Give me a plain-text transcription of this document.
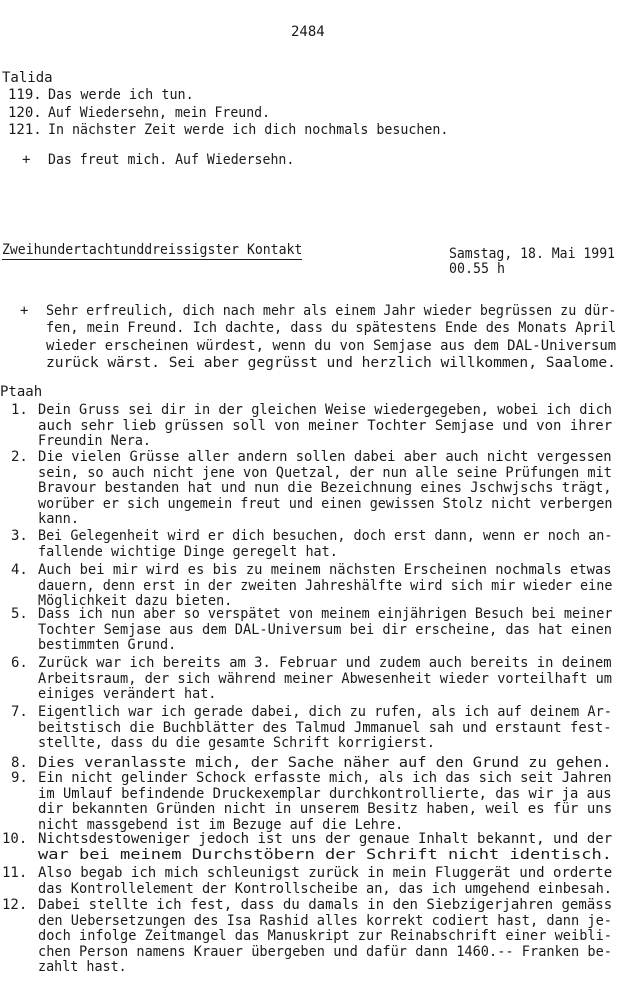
2484
Talida
119. Das werde ich tun.
120. Auf Wiedersehn, mein Freund.
121. In nächster Zeit werde ich dich nochmals besuchen.
+ Das freut mich. Auf Wiedersehn.
Zweihundertachtunddreissigster Kontakt	Samstag, 18. Mai 1991
00.55 h
+ Sehr erfreulich, dich nach mehr als einem Jahr wieder begrüssen zu dür-
fen, mein Freund. Ich dachte, dass du spätestens Ende des Monats April
wieder erscheinen würdest, wenn du von Semjase aus dem DAL-Universum
zurück wärst. Sei aber gegrüsst und herzlich willkommen, Saalome.
Ptaah
1. Dein Gruss sei dir in der gleichen Weise wiedergegeben, wobei ich dich
auch sehr lieb grüssen soll von meiner Tochter Semjase und von ihrer
Freundin Nera.
2. Die vielen Grüsse aller andern sollen dabei aber auch nicht vergessen
sein, so auch nicht jene von Quetzal, der nun alle seine Prüfungen mit
Bravour bestanden hat und nun die Bezeichnung eines Jschwjschs trägt,
worüber er sich ungemein freut und einen gewissen Stolz nicht verbergen
kann.
3. Bei Gelegenheit wird er dich besuchen, doch erst dann, wenn er noch an-
fallende wichtige Dinge geregelt hat.
4. Auch bei mir wird es bis zu meinem nächsten Erscheinen nochmals etwas
dauern, denn erst in der zweiten Jahreshälfte wird sich mir wieder eine
Möglichkeit dazu bieten.
5. Dass ich nun aber so verspätet von meinem einjährigen Besuch bei meiner
Tochter Semjase aus dem DAL-Universum bei dir erscheine, das hat einen
bestimmten Grund.
6. Zurück war ich bereits am 3. Februar und zudem auch bereits in deinem
Arbeitsraum, der sich während meiner Abwesenheit wieder vorteilhaft um
einiges verändert hat.
7. Eigentlich war ich gerade dabei, dich zu rufen, als ich auf deinem Ar-
beitstisch die Buchblätter des Talmud Jmmanuel sah und erstaunt fest-
stellte, dass du die gesamte Schrift korrigierst.
8. Dies veranlasste mich, der Sache näher auf den Grund zu gehen.
9. Ein nicht gelinder Schock erfasste mich, als ich das sich seit Jahren
im Umlauf befindende Druckexemplar durchkontrollierte, das wir ja aus
dir bekannten Gründen nicht in unserem Besitz haben, weil es für uns
nicht massgebend ist im Bezuge auf die Lehre.
10. Nichtsdestoweniger jedoch ist uns der genaue Inhalt bekannt, und der
war bei meinem Durchstöbern der Schrift nicht identisch.
11. Also begab ich mich schleunigst zurück in mein Fluggerät und orderte
das Kontrollelement der Kontrollscheibe an, das ich umgehend einbesah.
12. Dabei stellte ich fest, dass du damals in den Siebzigerjahren gemäss
den Uebersetzungen des Isa Rashid alles korrekt codiert hast, dann je-
doch infolge Zeitmangel das Manuskript zur Reinabschrift einer weibli-
chen Person namens Krauer übergeben und dafür dann 1460.-- Franken be-
zahlt hast.
